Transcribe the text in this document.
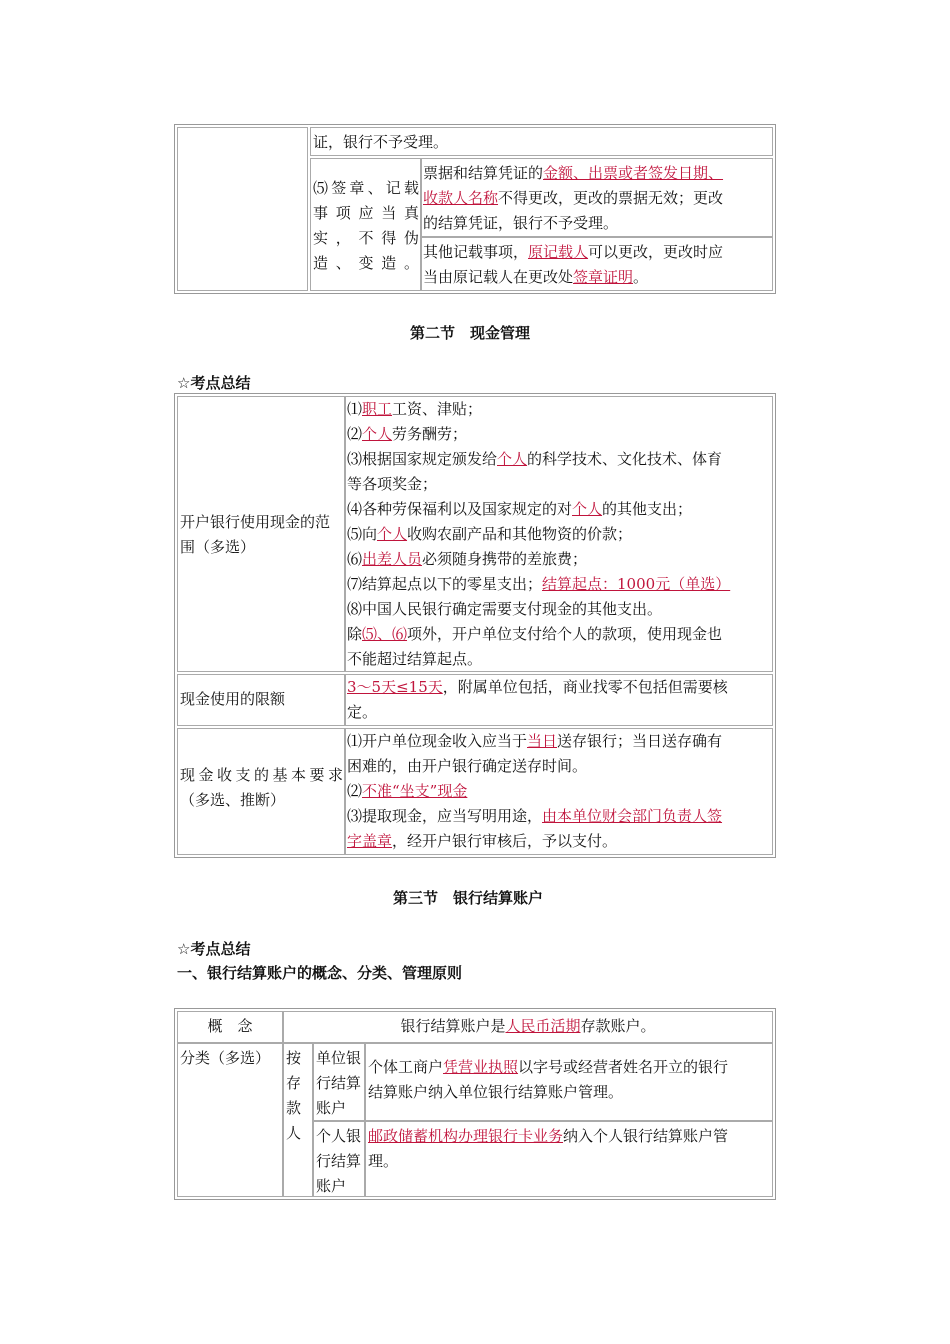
证，银行不予受理。
⑸签章、记载
事项应当真
实，不得伪
造、变造。
票据和结算凭证的金额、出票或者签发日期、
收款人名称不得更改，更改的票据无效；更改
的结算凭证，银行不予受理。
其他记载事项，原记载人可以更改，更改时应
当由原记载人在更改处签章证明。
第二节　现金管理
☆考点总结
开户银行使用现金的范
围（多选）
⑴职工工资、津贴；
⑵个人劳务酬劳；
⑶根据国家规定颁发给个人的科学技术、文化技术、体育
等各项奖金；
⑷各种劳保福利以及国家规定的对个人的其他支出；
⑸向个人收购农副产品和其他物资的价款；
⑹出差人员必须随身携带的差旅费；
⑺结算起点以下的零星支出；结算起点：1000元（单选）
⑻中国人民银行确定需要支付现金的其他支出。
除⑸、⑹项外，开户单位支付给个人的款项，使用现金也
不能超过结算起点。
现金使用的限额
3～5天≤15天，附属单位包括，商业找零不包括但需要核
定。
现金收支的基本要求
（多选、推断）
⑴开户单位现金收入应当于当日送存银行；当日送存确有
困难的，由开户银行确定送存时间。
⑵不准“坐支”现金
⑶提取现金，应当写明用途，由本单位财会部门负责人签
字盖章，经开户银行审核后，予以支付。
第三节　银行结算账户
☆考点总结
一、银行结算账户的概念、分类、管理原则
概　念	银行结算账户是人民币活期存款账户。
分类（多选）	按
存
款
人
单位银
行结算
账户
个体工商户凭营业执照以字号或经营者姓名开立的银行
结算账户纳入单位银行结算账户管理。
个人银
行结算
账户
邮政储蓄机构办理银行卡业务纳入个人银行结算账户管
理。
